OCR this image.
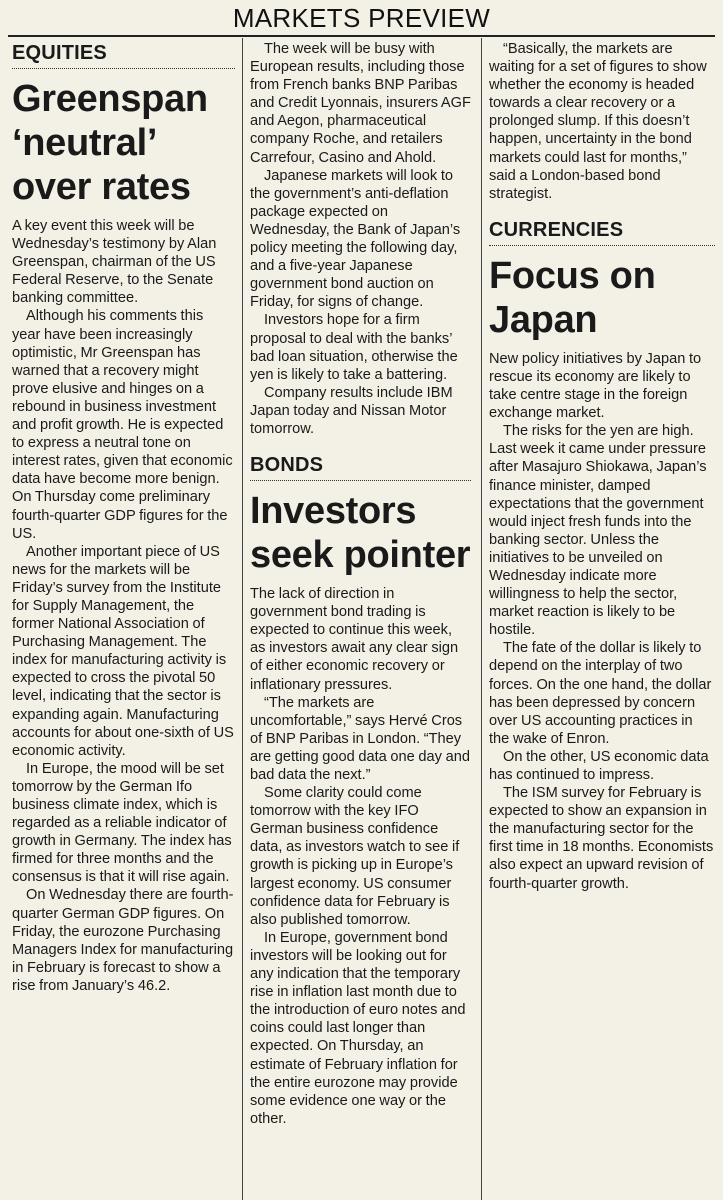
MARKETS PREVIEW
EQUITIES
Greenspan
‘neutral’
over rates

A key event this week will be Wednesday’s testimony by Alan Greenspan, chairman of the US Federal Reserve, to the Senate banking committee.

Although his comments this year have been increasingly optimistic, Mr Greenspan has warned that a recovery might prove elusive and hinges on a rebound in business investment and profit growth. He is expected to express a neutral tone on interest rates, given that economic data have become more benign. On Thursday come preliminary fourth-quarter GDP figures for the US.

Another important piece of US news for the markets will be Friday’s survey from the Institute for Supply Management, the former National Association of Purchasing Management. The index for manufacturing activity is expected to cross the pivotal 50 level, indicating that the sector is expanding again. Manufacturing accounts for about one-sixth of US economic activity.

In Europe, the mood will be set tomorrow by the German Ifo business climate index, which is regarded as a reliable indicator of growth in Germany. The index has firmed for three months and the consensus is that it will rise again.

On Wednesday there are fourth-quarter German GDP figures. On Friday, the eurozone Purchasing Managers Index for manufacturing in February is forecast to show a rise from January’s 46.2.

The week will be busy with European results, including those from French banks BNP Paribas and Credit Lyonnais, insurers AGF and Aegon, pharmaceutical company Roche, and retailers Carrefour, Casino and Ahold.

Japanese markets will look to the government’s anti-deflation package expected on Wednesday, the Bank of Japan’s policy meeting the following day, and a five-year Japanese government bond auction on Friday, for signs of change.

Investors hope for a firm proposal to deal with the banks’ bad loan situation, otherwise the yen is likely to take a battering.

Company results include IBM Japan today and Nissan Motor tomorrow.

BONDS
Investors
seek pointer

The lack of direction in government bond trading is expected to continue this week, as investors await any clear sign of either economic recovery or inflationary pressures.

“The markets are uncomfortable,” says Hervé Cros of BNP Paribas in London. “They are getting good data one day and bad data the next.”

Some clarity could come tomorrow with the key IFO German business confidence data, as investors watch to see if growth is picking up in Europe’s largest economy. US consumer confidence data for February is also published tomorrow.

In Europe, government bond investors will be looking out for any indication that the temporary rise in inflation last month due to the introduction of euro notes and coins could last longer than expected. On Thursday, an estimate of February inflation for the entire eurozone may provide some evidence one way or the other.

“Basically, the markets are waiting for a set of figures to show whether the economy is headed towards a clear recovery or a prolonged slump. If this doesn’t happen, uncertainty in the bond markets could last for months,” said a London-based bond strategist.

CURRENCIES
Focus on
Japan

New policy initiatives by Japan to rescue its economy are likely to take centre stage in the foreign exchange market.

The risks for the yen are high. Last week it came under pressure after Masajuro Shiokawa, Japan’s finance minister, damped expectations that the government would inject fresh funds into the banking sector. Unless the initiatives to be unveiled on Wednesday indicate more willingness to help the sector, market reaction is likely to be hostile.

The fate of the dollar is likely to depend on the interplay of two forces. On the one hand, the dollar has been depressed by concern over US accounting practices in the wake of Enron.

On the other, US economic data has continued to impress.

The ISM survey for February is expected to show an expansion in the manufacturing sector for the first time in 18 months. Economists also expect an upward revision of fourth-quarter growth.
